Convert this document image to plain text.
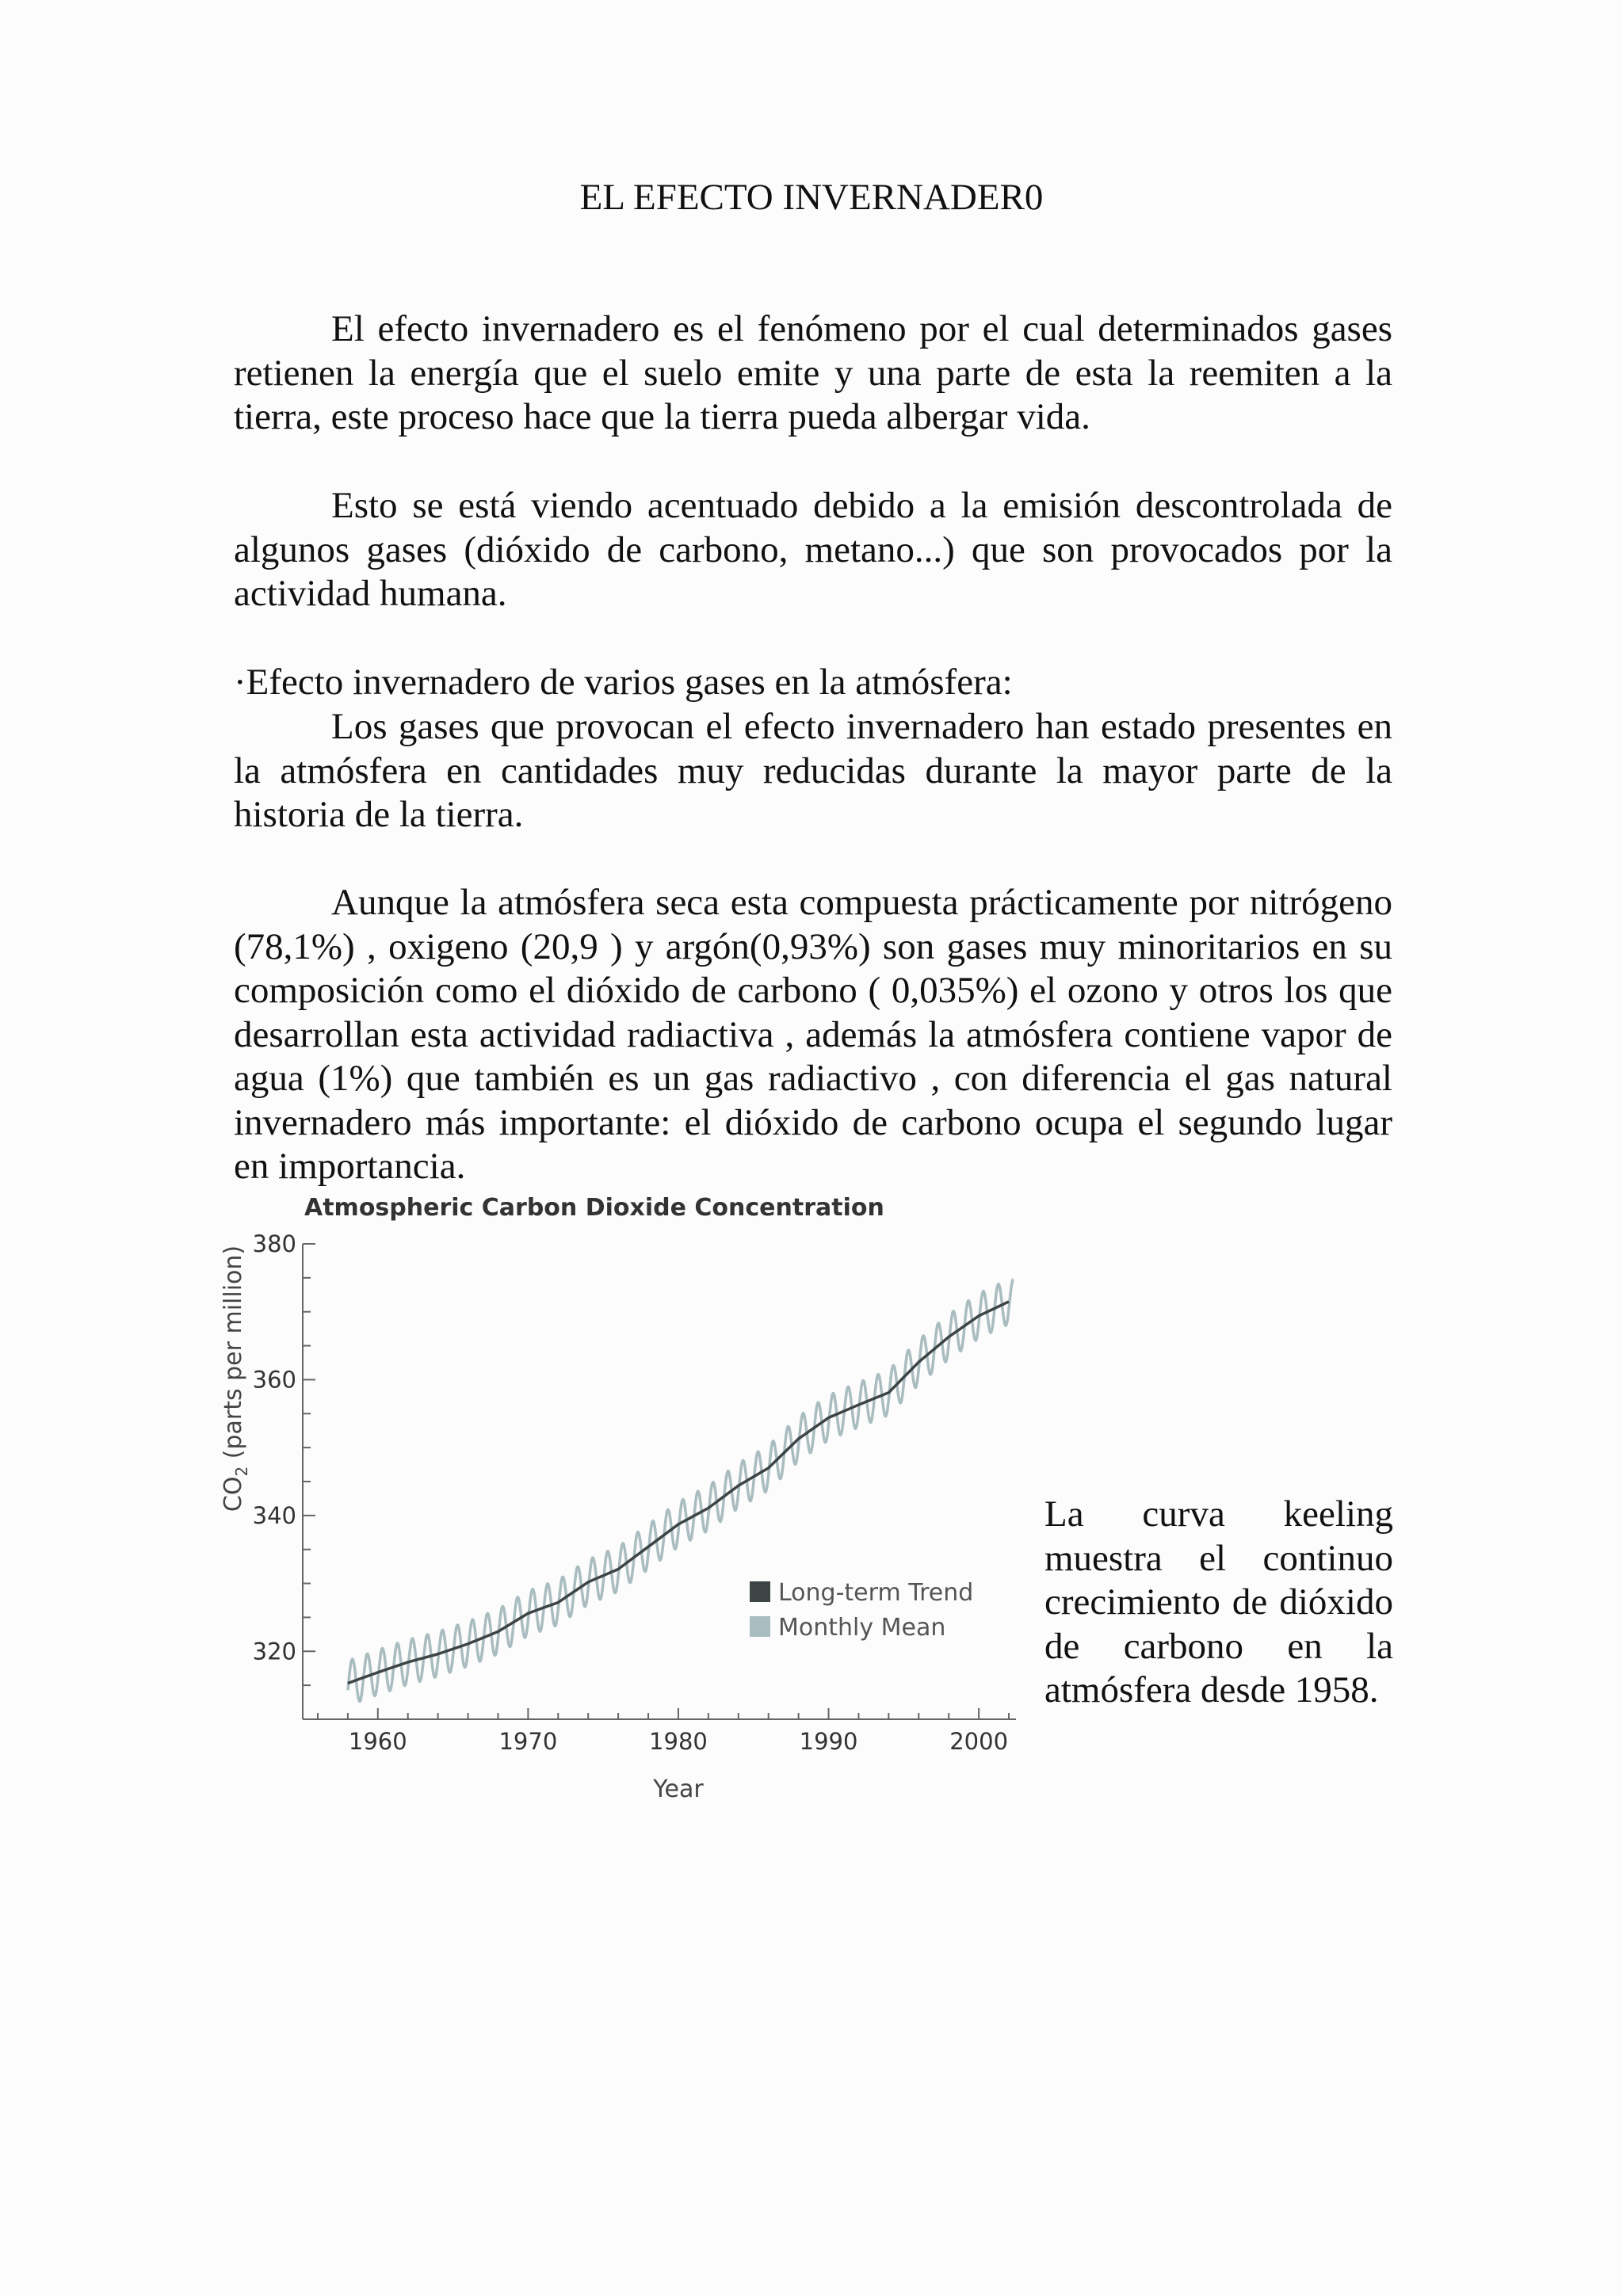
EL EFECTO INVERNADER0

El efecto invernadero es el fenómeno por el cual determinados gases retienen la energía que el suelo emite y una parte de esta la reemiten a la tierra, este proceso hace que la tierra pueda albergar vida.

Esto se está viendo acentuado debido a la emisión descontrolada de algunos gases (dióxido de carbono, metano...) que son provocados por la actividad humana.

·Efecto invernadero de varios gases en la atmósfera:

Los gases que provocan el efecto invernadero han estado presentes en la atmósfera en cantidades muy reducidas durante la mayor parte de la historia de la tierra.

Aunque la atmósfera seca esta compuesta prácticamente por nitrógeno (78,1%) , oxigeno (20,9 ) y argón(0,93%) son gases muy minoritarios en su composición como el dióxido de carbono ( 0,035%) el ozono y otros los que desarrollan esta actividad radiactiva , además la atmósfera contiene vapor de agua (1%) que también es un gas radiactivo , con diferencia el gas natural invernadero más importante: el dióxido de carbono ocupa el segundo lugar en importancia.

Atmospheric Carbon Dioxide Concentration
$CO_2$ (parts per million)
320
340
360
380
1960	1970	1980	1990	2000
Long-term Trend
Monthly Mean
Year

La curva keeling muestra el continuo crecimiento de dióxido de carbono en la atmósfera desde 1958.
